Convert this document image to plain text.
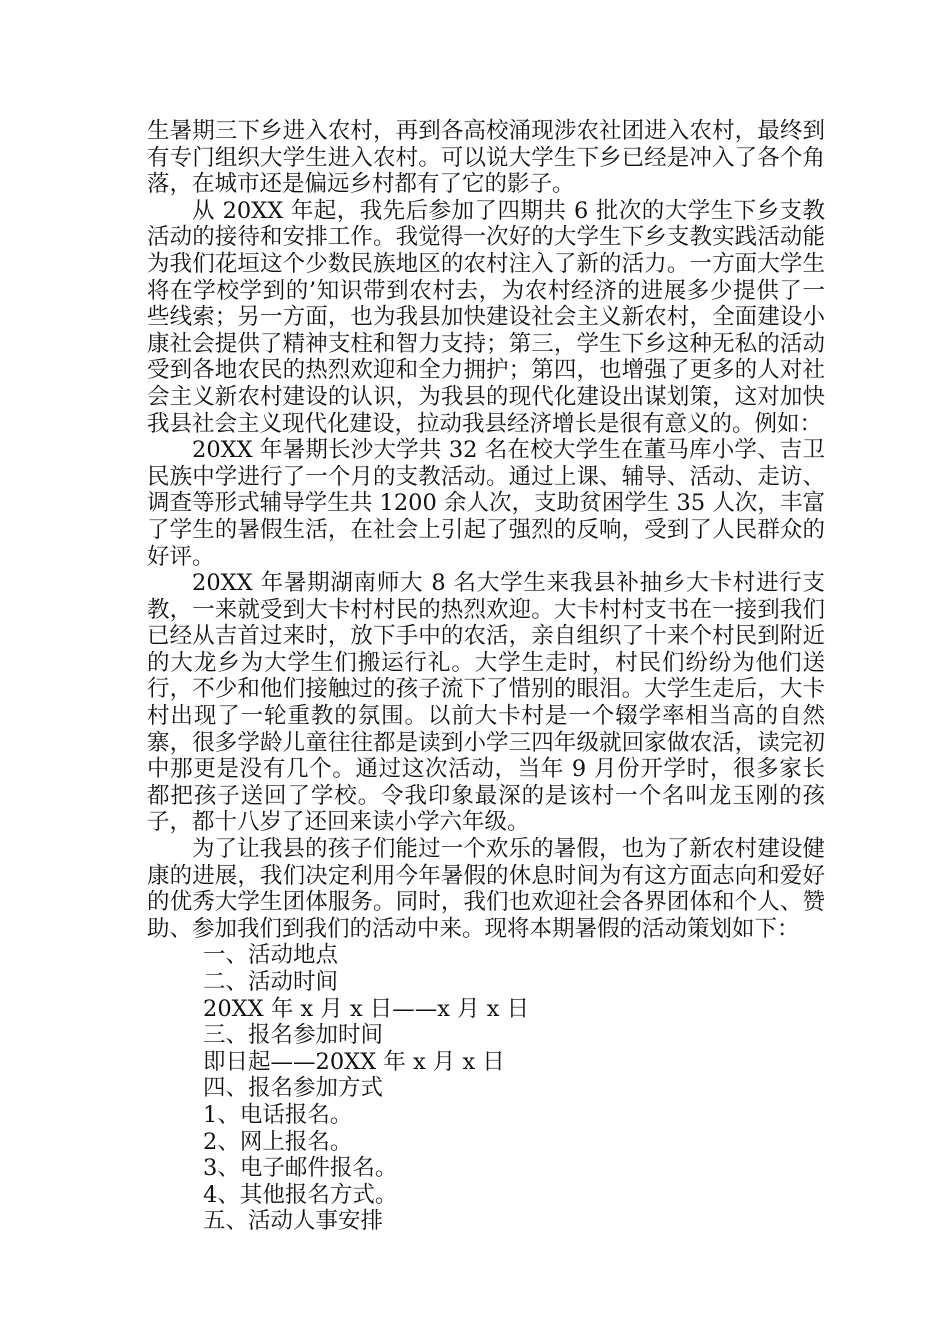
生暑期三下乡进入农村，再到各高校涌现涉农社团进入农村，最终到有专门组织大学生进入农村。可以说大学生下乡已经是冲入了各个角落，在城市还是偏远乡村都有了它的影子。

从 20XX 年起，我先后参加了四期共 6 批次的大学生下乡支教活动的接待和安排工作。我觉得一次好的大学生下乡支教实践活动能为我们花垣这个少数民族地区的农村注入了新的活力。一方面大学生将在学校学到的’知识带到农村去，为农村经济的进展多少提供了一些线索；另一方面，也为我县加快建设社会主义新农村，全面建设小康社会提供了精神支柱和智力支持；第三，学生下乡这种无私的活动受到各地农民的热烈欢迎和全力拥护；第四，也增强了更多的人对社会主义新农村建设的认识，为我县的现代化建设出谋划策，这对加快我县社会主义现代化建设，拉动我县经济增长是很有意义的。例如：

20XX 年暑期长沙大学共 32 名在校大学生在董马库小学、吉卫民族中学进行了一个月的支教活动。通过上课、辅导、活动、走访、调查等形式辅导学生共 1200 余人次，支助贫困学生 35 人次，丰富了学生的暑假生活，在社会上引起了强烈的反响，受到了人民群众的好评。

20XX 年暑期湖南师大 8 名大学生来我县补抽乡大卡村进行支教，一来就受到大卡村村民的热烈欢迎。大卡村村支书在一接到我们已经从吉首过来时，放下手中的农活，亲自组织了十来个村民到附近的大龙乡为大学生们搬运行礼。大学生走时，村民们纷纷为他们送行，不少和他们接触过的孩子流下了惜别的眼泪。大学生走后，大卡村出现了一轮重教的氛围。以前大卡村是一个辍学率相当高的自然寨，很多学龄儿童往往都是读到小学三四年级就回家做农活，读完初中那更是没有几个。通过这次活动，当年 9 月份开学时，很多家长都把孩子送回了学校。令我印象最深的是该村一个名叫龙玉刚的孩子，都十八岁了还回来读小学六年级。

为了让我县的孩子们能过一个欢乐的暑假，也为了新农村建设健康的进展，我们决定利用今年暑假的休息时间为有这方面志向和爱好的优秀大学生团体服务。同时，我们也欢迎社会各界团体和个人、赞助、参加我们到我们的活动中来。现将本期暑假的活动策划如下：

一、活动地点
二、活动时间
20XX 年 x 月 x 日——x 月 x 日
三、报名参加时间
即日起——20XX 年 x 月 x 日
四、报名参加方式
1、电话报名。
2、网上报名。
3、电子邮件报名。
4、其他报名方式。
五、活动人事安排
